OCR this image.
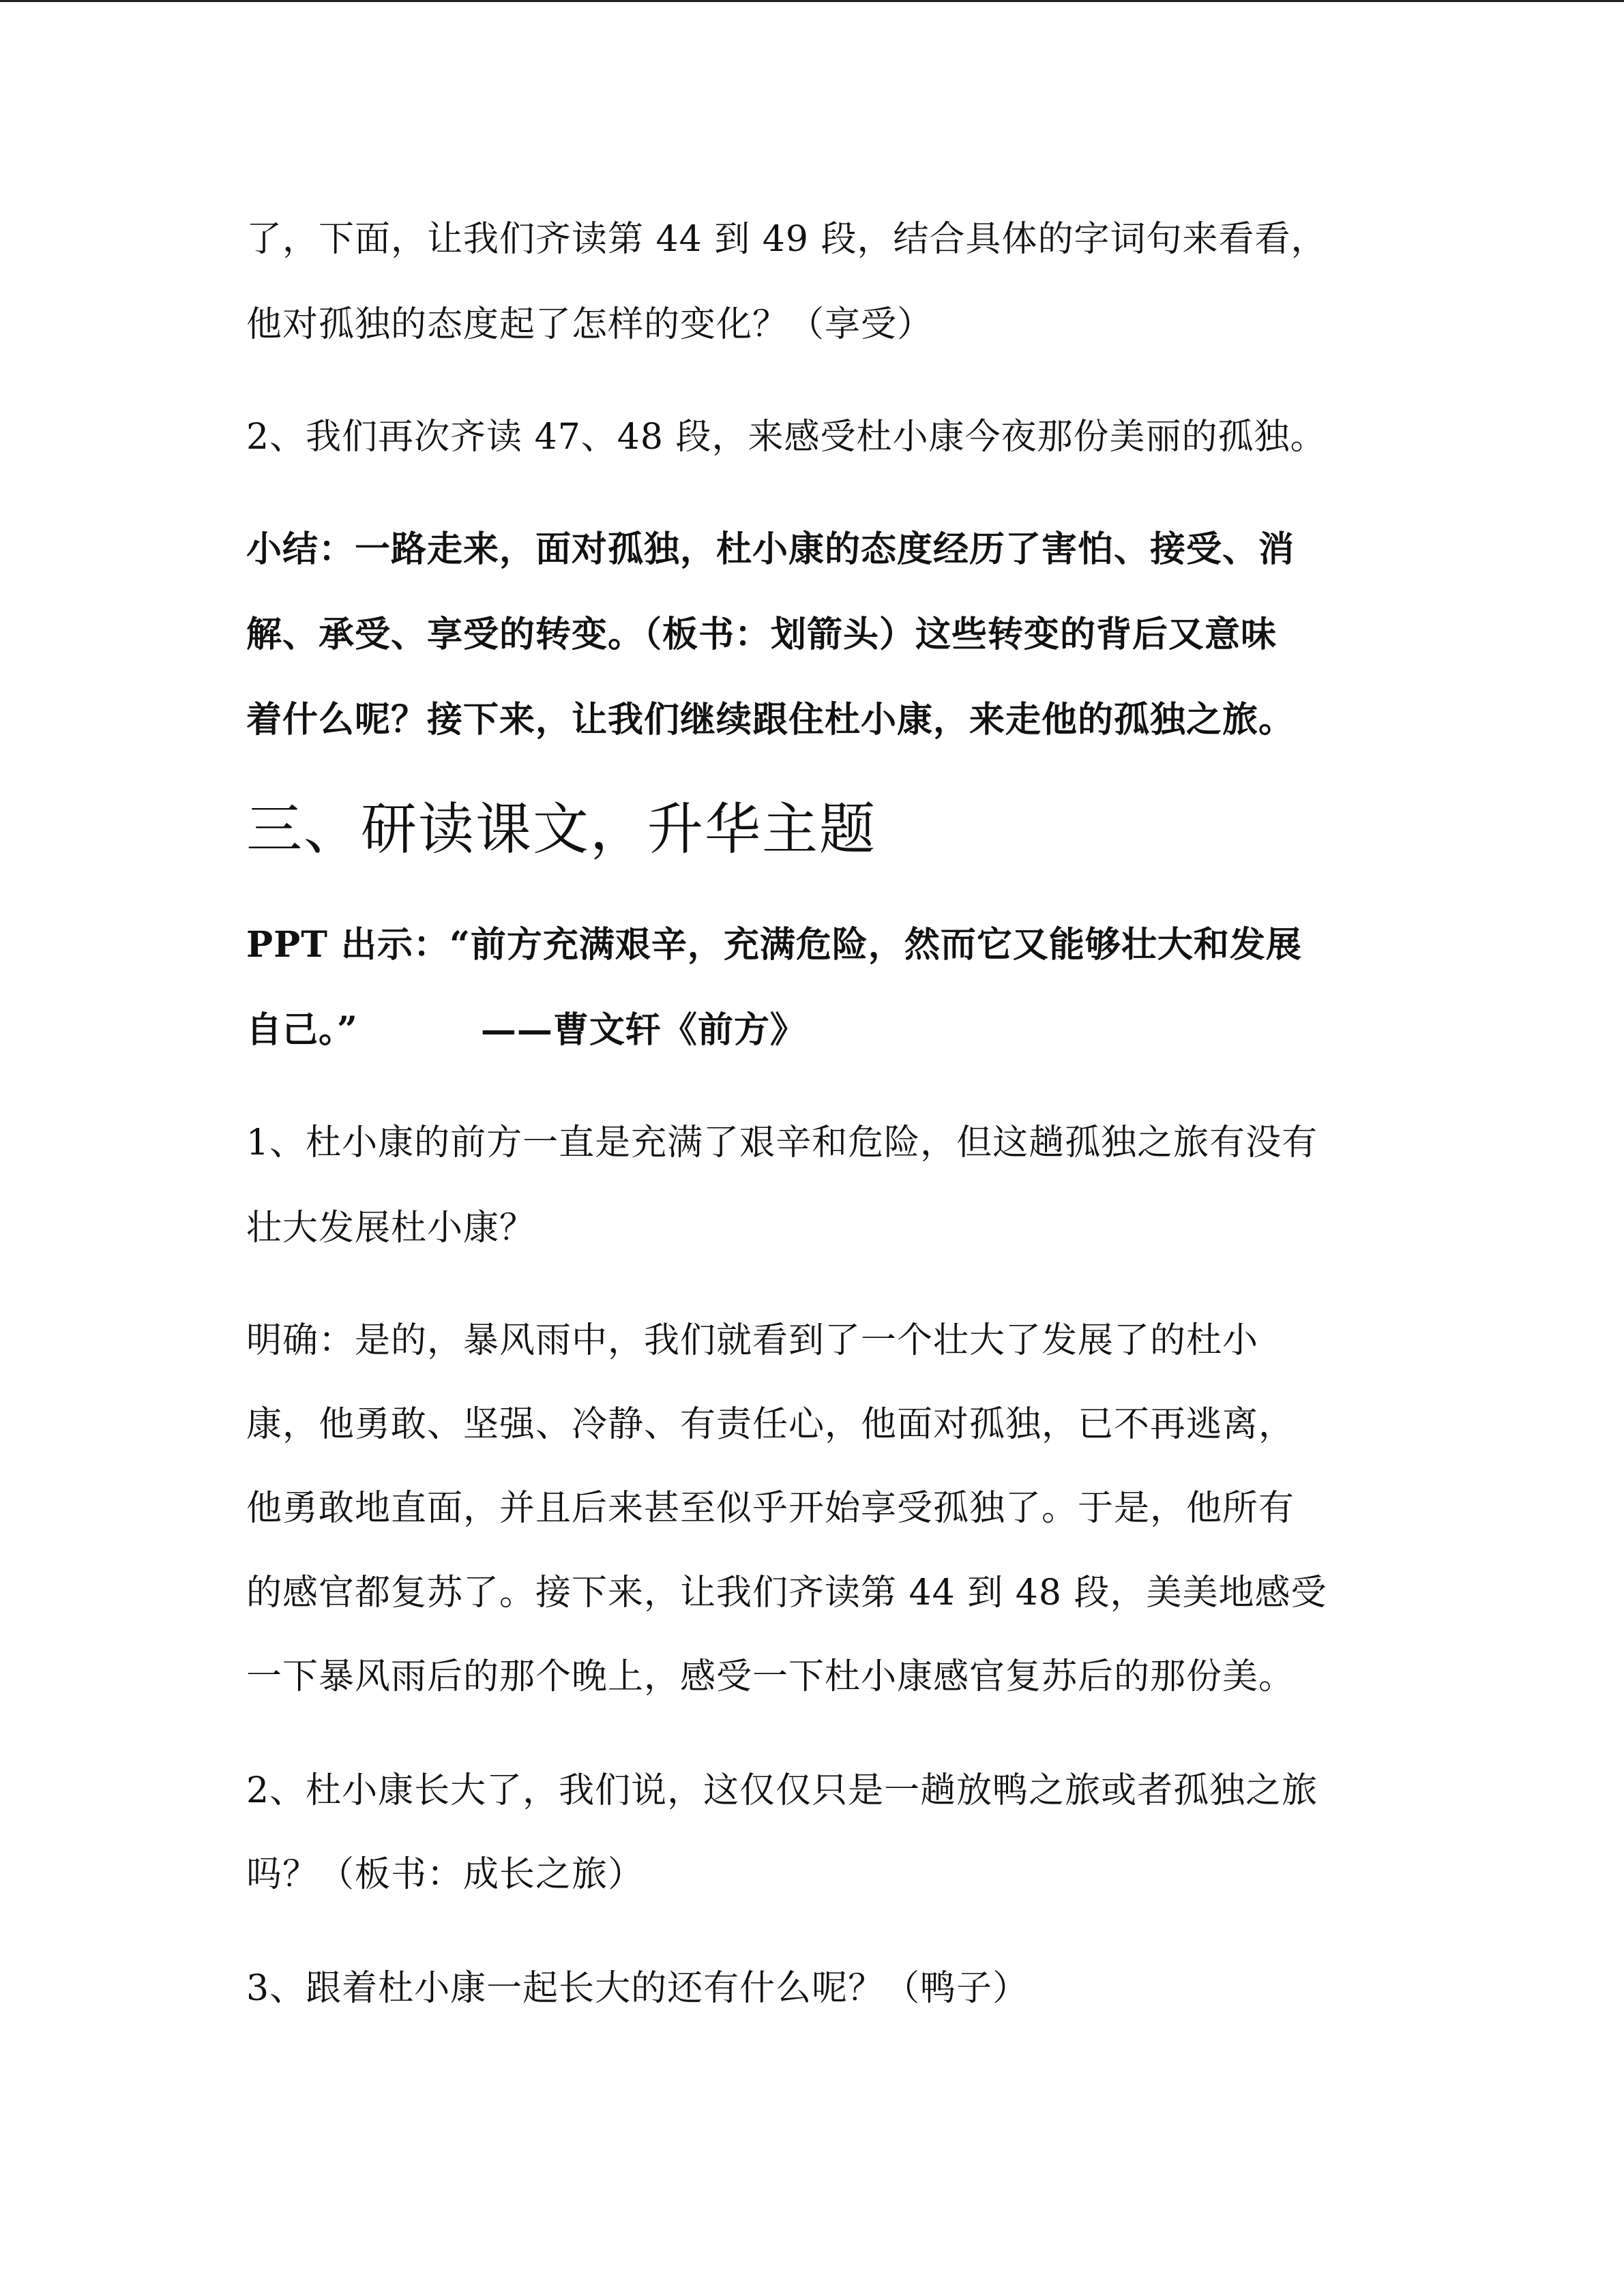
了，下面，让我们齐读第 44 到 49 段，结合具体的字词句来看看，
他对孤独的态度起了怎样的变化？（享受）
2、我们再次齐读 47、48 段，来感受杜小康今夜那份美丽的孤独。
小结：一路走来，面对孤独，杜小康的态度经历了害怕、接受、消
解、承受、享受的转变。（板书：划箭头）这些转变的背后又意味
着什么呢？接下来，让我们继续跟住杜小康，来走他的孤独之旅。
三、研读课文，升华主题
PPT 出示：“前方充满艰辛，充满危险，然而它又能够壮大和发展
自己。”	——曹文轩《前方》
1、杜小康的前方一直是充满了艰辛和危险，但这趟孤独之旅有没有
壮大发展杜小康？
明确：是的，暴风雨中，我们就看到了一个壮大了发展了的杜小
康，他勇敢、坚强、冷静、有责任心，他面对孤独，已不再逃离，
他勇敢地直面，并且后来甚至似乎开始享受孤独了。于是，他所有
的感官都复苏了。接下来，让我们齐读第 44 到 48 段，美美地感受
一下暴风雨后的那个晚上，感受一下杜小康感官复苏后的那份美。
2、杜小康长大了，我们说，这仅仅只是一趟放鸭之旅或者孤独之旅
吗？（板书：成长之旅）
3、跟着杜小康一起长大的还有什么呢？（鸭子）
